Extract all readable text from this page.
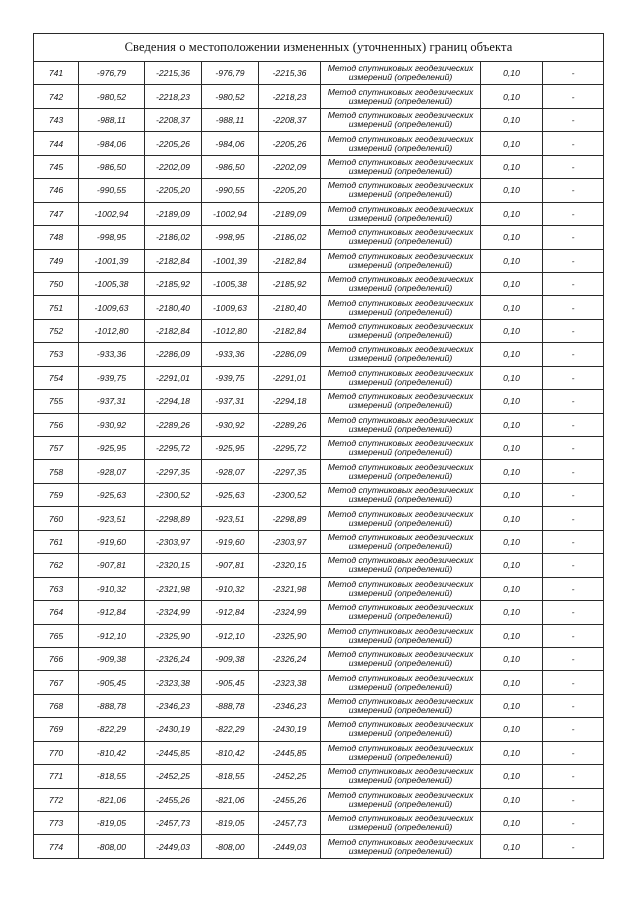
Сведения о местоположении измененных (уточненных) границ объекта							
741	-976,79	-2215,36	-976,79	-2215,36	Метод спутниковых геодезических
измерений (определений)	0,10	-
742	-980,52	-2218,23	-980,52	-2218,23	Метод спутниковых геодезических
измерений (определений)	0,10	-
743	-988,11	-2208,37	-988,11	-2208,37	Метод спутниковых геодезических
измерений (определений)	0,10	-
744	-984,06	-2205,26	-984,06	-2205,26	Метод спутниковых геодезических
измерений (определений)	0,10	-
745	-986,50	-2202,09	-986,50	-2202,09	Метод спутниковых геодезических
измерений (определений)	0,10	-
746	-990,55	-2205,20	-990,55	-2205,20	Метод спутниковых геодезических
измерений (определений)	0,10	-
747	-1002,94	-2189,09	-1002,94	-2189,09	Метод спутниковых геодезических
измерений (определений)	0,10	-
748	-998,95	-2186,02	-998,95	-2186,02	Метод спутниковых геодезических
измерений (определений)	0,10	-
749	-1001,39	-2182,84	-1001,39	-2182,84	Метод спутниковых геодезических
измерений (определений)	0,10	-
750	-1005,38	-2185,92	-1005,38	-2185,92	Метод спутниковых геодезических
измерений (определений)	0,10	-
751	-1009,63	-2180,40	-1009,63	-2180,40	Метод спутниковых геодезических
измерений (определений)	0,10	-
752	-1012,80	-2182,84	-1012,80	-2182,84	Метод спутниковых геодезических
измерений (определений)	0,10	-
753	-933,36	-2286,09	-933,36	-2286,09	Метод спутниковых геодезических
измерений (определений)	0,10	-
754	-939,75	-2291,01	-939,75	-2291,01	Метод спутниковых геодезических
измерений (определений)	0,10	-
755	-937,31	-2294,18	-937,31	-2294,18	Метод спутниковых геодезических
измерений (определений)	0,10	-
756	-930,92	-2289,26	-930,92	-2289,26	Метод спутниковых геодезических
измерений (определений)	0,10	-
757	-925,95	-2295,72	-925,95	-2295,72	Метод спутниковых геодезических
измерений (определений)	0,10	-
758	-928,07	-2297,35	-928,07	-2297,35	Метод спутниковых геодезических
измерений (определений)	0,10	-
759	-925,63	-2300,52	-925,63	-2300,52	Метод спутниковых геодезических
измерений (определений)	0,10	-
760	-923,51	-2298,89	-923,51	-2298,89	Метод спутниковых геодезических
измерений (определений)	0,10	-
761	-919,60	-2303,97	-919,60	-2303,97	Метод спутниковых геодезических
измерений (определений)	0,10	-
762	-907,81	-2320,15	-907,81	-2320,15	Метод спутниковых геодезических
измерений (определений)	0,10	-
763	-910,32	-2321,98	-910,32	-2321,98	Метод спутниковых геодезических
измерений (определений)	0,10	-
764	-912,84	-2324,99	-912,84	-2324,99	Метод спутниковых геодезических
измерений (определений)	0,10	-
765	-912,10	-2325,90	-912,10	-2325,90	Метод спутниковых геодезических
измерений (определений)	0,10	-
766	-909,38	-2326,24	-909,38	-2326,24	Метод спутниковых геодезических
измерений (определений)	0,10	-
767	-905,45	-2323,38	-905,45	-2323,38	Метод спутниковых геодезических
измерений (определений)	0,10	-
768	-888,78	-2346,23	-888,78	-2346,23	Метод спутниковых геодезических
измерений (определений)	0,10	-
769	-822,29	-2430,19	-822,29	-2430,19	Метод спутниковых геодезических
измерений (определений)	0,10	-
770	-810,42	-2445,85	-810,42	-2445,85	Метод спутниковых геодезических
измерений (определений)	0,10	-
771	-818,55	-2452,25	-818,55	-2452,25	Метод спутниковых геодезических
измерений (определений)	0,10	-
772	-821,06	-2455,26	-821,06	-2455,26	Метод спутниковых геодезических
измерений (определений)	0,10	-
773	-819,05	-2457,73	-819,05	-2457,73	Метод спутниковых геодезических
измерений (определений)	0,10	-
774	-808,00	-2449,03	-808,00	-2449,03	Метод спутниковых геодезических
измерений (определений)	0,10	-
